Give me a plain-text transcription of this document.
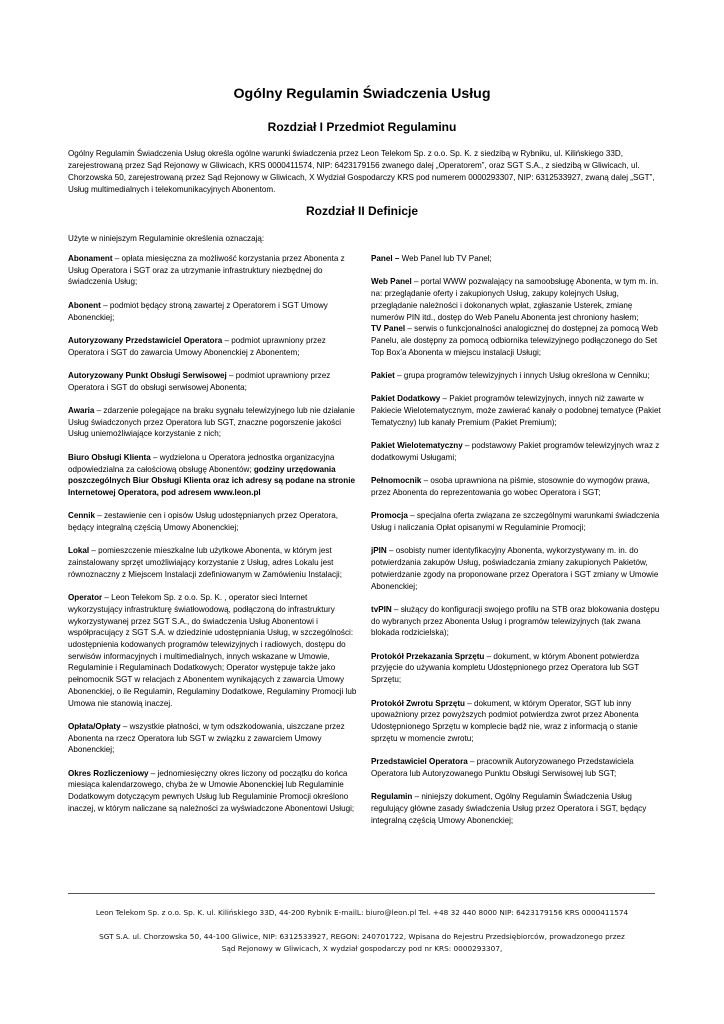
Ogólny Regulamin Świadczenia Usług
Rozdział I Przedmiot Regulaminu
Ogólny Regulamin Świadczenia Usług określa ogólne warunki świadczenia przez Leon Telekom Sp. z o.o. Sp. K. z siedzibą w Rybniku, ul. Kilińskiego 33D, zarejestrowaną przez Sąd Rejonowy w Gliwicach, KRS 0000411574, NIP: 6423179156 zwanego dalej „Operatorem”, oraz SGT S.A., z siedzibą w Gliwicach, ul. Chorzowska 50, zarejestrowaną przez Sąd Rejonowy w Gliwicach, X Wydział Gospodarczy KRS pod numerem 0000293307, NIP: 6312533927, zwaną dalej „SGT”, Usług multimedialnych i telekomunikacyjnych Abonentom.
Rozdział II Definicje
Użyte w niniejszym Regulaminie określenia oznaczają:

Abonament – opłata miesięczna za możliwość korzystania przez Abonenta z Usług Operatora i SGT oraz za utrzymanie infrastruktury niezbędnej do świadczenia Usług;

Abonent – podmiot będący stroną zawartej z Operatorem i SGT Umowy Abonenckiej;

Autoryzowany Przedstawiciel Operatora – podmiot uprawniony przez Operatora i SGT do zawarcia Umowy Abonenckiej z Abonentem;

Autoryzowany Punkt Obsługi Serwisowej – podmiot uprawniony przez Operatora i SGT do obsługi serwisowej Abonenta;

Awaria – zdarzenie polegające na braku sygnału telewizyjnego lub nie działanie Usług świadczonych przez Operatora lub SGT, znaczne pogorszenie jakości Usług uniemożliwiające korzystanie z nich;

Biuro Obsługi Klienta – wydzielona u Operatora jednostka organizacyjna odpowiedzialna za całościową obsługę Abonentów; godziny urzędowania poszczególnych Biur Obsługi Klienta oraz ich adresy są podane na stronie Internetowej Operatora, pod adresem www.leon.pl

Cennik – zestawienie cen i opisów Usług udostępnianych przez Operatora, będący integralną częścią Umowy Abonenckiej;

Lokal – pomieszczenie mieszkalne lub użytkowe Abonenta, w którym jest zainstalowany sprzęt umożliwiający korzystanie z Usług, adres Lokalu jest równoznaczny z Miejscem Instalacji zdefiniowanym w Zamówieniu Instalacji;

Operator – Leon Telekom Sp. z o.o. Sp. K. , operator sieci Internet wykorzystujący infrastrukturę światłowodową, podłączoną do infrastruktury wykorzystywanej przez SGT S.A., do świadczenia Usług Abonentowi i współpracujący z SGT S.A. w dziedzinie udostępniania Usług, w szczególności: udostępnienia kodowanych programów telewizyjnych i radiowych, dostępu do serwisów informacyjnych i multimedialnych, innych wskazane w Umowie, Regulaminie i Regulaminach Dodatkowych; Operator występuje także jako pełnomocnik SGT w relacjach z Abonentem wynikających z zawarcia Umowy Abonenckiej, o ile Regulamin, Regulaminy Dodatkowe, Regulaminy Promocji lub Umowa nie stanowią inaczej.

Opłata/Opłaty – wszystkie płatności, w tym odszkodowania, uiszczane przez Abonenta na rzecz Operatora lub SGT w związku z zawarciem Umowy Abonenckiej;

Okres Rozliczeniowy – jednomiesięczny okres liczony od początku do końca miesiąca kalendarzowego, chyba że w Umowie Abonenckiej lub Regulaminie Dodatkowym dotyczącym pewnych Usług lub Regulaminie Promocji określono inaczej, w którym naliczane są należności za wyświadczone Abonentowi Usługi;

Panel – Web Panel lub TV Panel;

Web Panel – portal WWW pozwalający na samoobsługę Abonenta, w tym m. in. na: przeglądanie oferty i zakupionych Usług, zakupy kolejnych Usług, przeglądanie należności i dokonanych wpłat, zgłaszanie Usterek, zmianę numerów PIN itd., dostęp do Web Panelu Abonenta jest chroniony hasłem;

TV Panel – serwis o funkcjonalności analogicznej do dostępnej za pomocą Web Panelu, ale dostępny za pomocą odbiornika telewizyjnego podłączonego do Set Top Box’a Abonenta w miejscu instalacji Usługi;

Pakiet – grupa programów telewizyjnych i innych Usług określona w Cenniku;

Pakiet Dodatkowy – Pakiet programów telewizyjnych, innych niż zawarte w Pakiecie Wielotematycznym, może zawierać kanały o podobnej tematyce (Pakiet Tematyczny) lub kanały Premium (Pakiet Premium);

Pakiet Wielotematyczny – podstawowy Pakiet programów telewizyjnych wraz z dodatkowymi Usługami;

Pełnomocnik – osoba uprawniona na piśmie, stosownie do wymogów prawa, przez Abonenta do reprezentowania go wobec Operatora i SGT;

Promocja – specjalna oferta związana ze szczególnymi warunkami świadczenia Usług i naliczania Opłat opisanymi w Regulaminie Promocji;

jPIN – osobisty numer identyfikacyjny Abonenta, wykorzystywany m. in. do potwierdzania zakupów Usług, poświadczania zmiany zakupionych Pakietów, potwierdzanie zgody na proponowane przez Operatora i SGT zmiany w Umowie Abonenckiej;

tvPIN – służący do konfiguracji swojego profilu na STB oraz blokowania dostępu do wybranych przez Abonenta Usług i programów telewizyjnych (tak zwana blokada rodzicielska);

Protokół Przekazania Sprzętu – dokument, w którym Abonent potwierdza przyjęcie do używania kompletu Udostępnionego przez Operatora lub SGT Sprzętu;

Protokół Zwrotu Sprzętu – dokument, w którym Operator, SGT lub inny upoważniony przez powyższych podmiot potwierdza zwrot przez Abonenta Udostępnionego Sprzętu w komplecie bądź nie, wraz z informacją o stanie sprzętu w momencie zwrotu;

Przedstawiciel Operatora – pracownik Autoryzowanego Przedstawiciela Operatora lub Autoryzowanego Punktu Obsługi Serwisowej lub SGT;

Regulamin – niniejszy dokument, Ogólny Regulamin Świadczenia Usług regulujący główne zasady świadczenia Usług przez Operatora i SGT, będący integralną częścią Umowy Abonenckiej;

Leon Telekom Sp. z o.o. Sp. K. ul. Kilińskiego 33D, 44-200 Rybnik E-mailL: biuro@leon.pl Tel. +48 32 440 8000 NIP: 6423179156 KRS 0000411574
SGT S.A. ul. Chorzowska 50, 44-100 Gliwice, NIP: 6312533927, REGON: 240701722, Wpisana do Rejestru Przedsiębiorców, prowadzonego przez
Sąd Rejonowy w Gliwicach, X wydział gospodarczy pod nr KRS: 0000293307,
